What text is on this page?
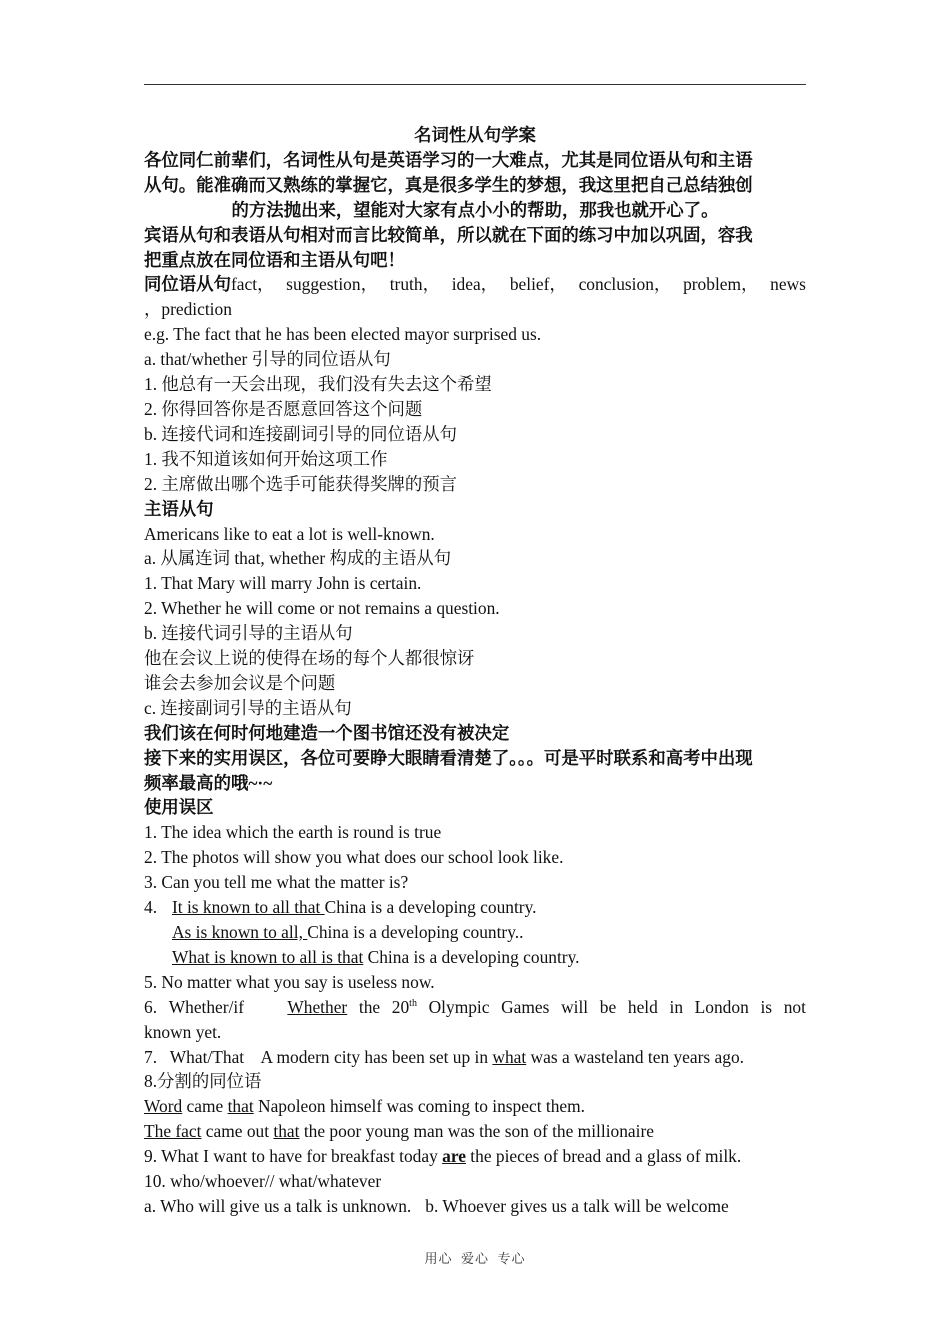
名词性从句学案
各位同仁前辈们，名词性从句是英语学习的一大难点，尤其是同位语从句和主语
从句。能准确而又熟练的掌握它，真是很多学生的梦想，我这里把自己总结独创
的方法抛出来，望能对大家有点小小的帮助，那我也就开心了。
宾语从句和表语从句相对而言比较简单，所以就在下面的练习中加以巩固，容我
把重点放在同位语和主语从句吧！
同位语从句fact， suggestion， truth， idea， belief， conclusion， problem， news
，prediction
e.g. The fact that he has been elected mayor surprised us.
a. that/whether 引导的同位语从句
1. 他总有一天会出现，我们没有失去这个希望
2. 你得回答你是否愿意回答这个问题
b. 连接代词和连接副词引导的同位语从句
1. 我不知道该如何开始这项工作
2. 主席做出哪个选手可能获得奖牌的预言
主语从句
Americans like to eat a lot is well-known.
a. 从属连词 that, whether 构成的主语从句
1. That Mary will marry John is certain.
2. Whether he will come or not remains a question.
b. 连接代词引导的主语从句
他在会议上说的使得在场的每个人都很惊讶
谁会去参加会议是个问题
c. 连接副词引导的主语从句
我们该在何时何地建造一个图书馆还没有被决定
接下来的实用误区，各位可要睁大眼睛看清楚了。。。可是平时联系和高考中出现
频率最高的哦~·~
使用误区
1. The idea which the earth is round is true
2. The photos will show you what does our school look like.
3. Can you tell me what the matter is?
4. It is known to all that China is a developing country.
As is known to all, China is a developing country..
What is known to all is that China is a developing country.
5. No matter what you say is useless now.
6. Whether/if Whether the 20th Olympic Games will be held in London is not
known yet.
7.   What/That    A modern city has been set up in what was a wasteland ten years ago.
8.分割的同位语
Word came that Napoleon himself was coming to inspect them.
The fact came out that the poor young man was the son of the millionaire
9. What I want to have for breakfast today are the pieces of bread and a glass of milk.
10. who/whoever// what/whatever
a. Who will give us a talk is unknown. b. Whoever gives us a talk will be welcome
用心  爱心  专心
